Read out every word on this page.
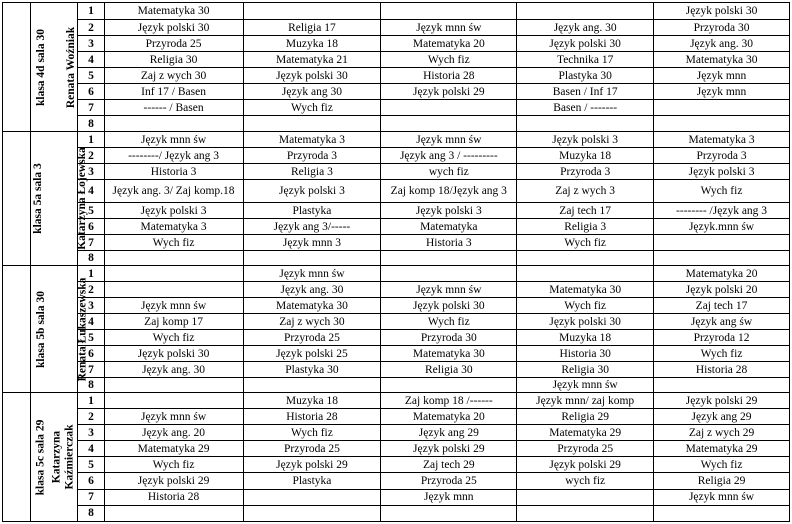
klasa 4d sala 30	Renata Woźniak	1	Matematyka 30				Język polski 30
		2	Język polski 30	Religia 17	Język mnn św	Język ang. 30	Przyroda 30
		3	Przyroda 25	Muzyka 18	Matematyka 20	Język polski 30	Język ang. 30
		4	Religia 30	Matematyka 21	Wych fiz	Technika 17	Matematyka 30
		5	Zaj z wych 30	Język polski 30	Historia 28	Plastyka 30	Język mnn
		6	Inf 17 / Basen	Język ang 30	Język polski 29	Basen / Inf 17	Język mnn
		7	------ / Basen	Wych fiz		Basen / -------	
		8					
klasa 5a sala 3	Katarzyna Łojewska	1	Język mnn św	Matematyka 3	Język mnn św	Język polski 3	Matematyka 3
		2	--------/ Język ang 3	Przyroda 3	Język ang 3 / ---------	Muzyka 18	Przyroda 3
		3	Historia 3	Religia 3	wych fiz	Przyroda 3	Język polski 3
		4	Język ang. 3/ Zaj komp.18	Język polski 3	Zaj komp 18/Język ang 3	Zaj z wych 3	Wych fiz
		5	Język polski 3	Plastyka	Język polski 3	Zaj tech 17	-------- /Język ang 3
		6	Matematyka 3	Język ang 3/-----	Matematyka	Religia 3	Język.mnn św
		7	Wych fiz	Język mnn 3	Historia 3	Wych fiz	
		8					
klasa 5b sala 30	Renata Łukaszewska	1		Język mnn św			Matematyka 20
		2		Język ang. 30	Język mnn św	Matematyka 30	Język polski 20
		3	Język mnn św	Matematyka 30	Język polski 30	Wych fiz	Zaj tech 17
		4	Zaj komp 17	Zaj z wych 30	Wych fiz	Język polski 30	Język ang św
		5	Wych fiz	Przyroda 25	Przyroda 30	Muzyka 18	Przyroda 12
		6	Język polski 30	Język polski 25	Matematyka 30	Historia 30	Wych fiz
		7	Język ang. 30	Plastyka 30	Religia 30	Religia 30	Historia 28
		8				Język mnn św	
klasa 5c sala 29	Katarzyna Kaźmierczak	1		Muzyka 18	Zaj komp 18 /------	Język mnn/ zaj komp	Język polski 29
		2	Język mnn św	Historia 28	Matematyka 20	Religia 29	Język ang 29
		3	Język ang. 20	Wych fiz	Język ang 29	Matematyka 29	Zaj z wych 29
		4	Matematyka 29	Przyroda 25	Język polski 29	Przyroda 25	Matematyka 29
		5	Wych fiz	Język polski 29	Zaj tech 29	Język polski 29	Wych fiz
		6	Język polski 29	Plastyka	Przyroda 25	wych fiz	Religia 29
		7	Historia 28		Język mnn		Język mnn św
		8					
